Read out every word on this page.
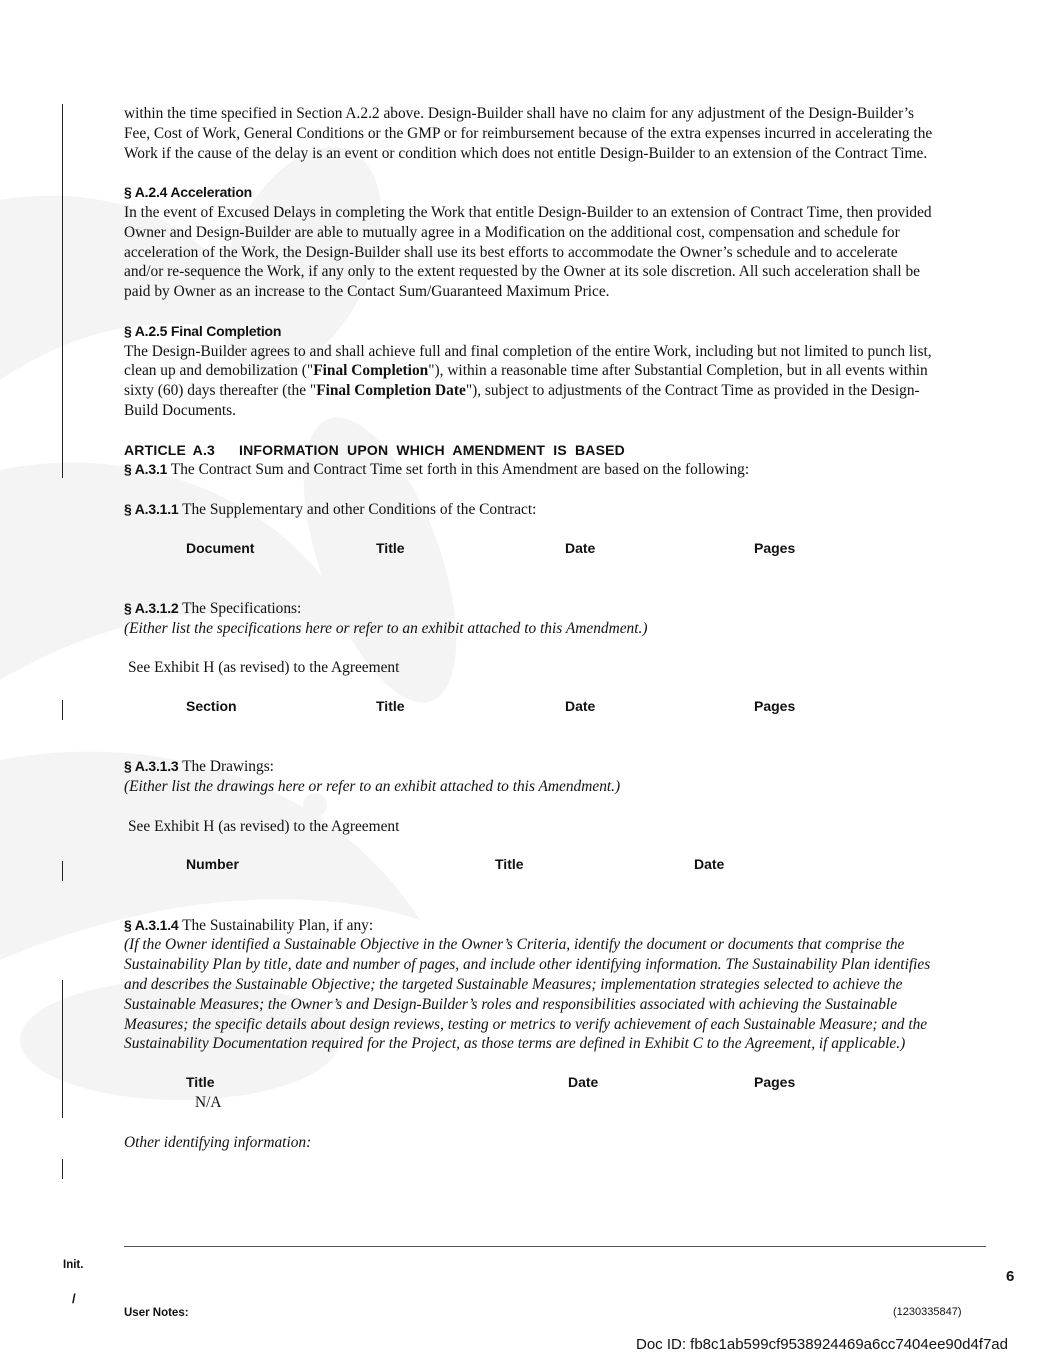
within the time specified in Section A.2.2 above. Design-Builder shall have no claim for any adjustment of the Design-Builder’s Fee, Cost of Work, General Conditions or the GMP or for reimbursement because of the extra expenses incurred in accelerating the Work if the cause of the delay is an event or condition which does not entitle Design-Builder to an extension of the Contract Time.

§ A.2.4 Acceleration

In the event of Excused Delays in completing the Work that entitle Design-Builder to an extension of Contract Time, then provided Owner and Design-Builder are able to mutually agree in a Modification on the additional cost, compensation and schedule for acceleration of the Work, the Design-Builder shall use its best efforts to accommodate the Owner’s schedule and to accelerate and/or re-sequence the Work, if any only to the extent requested by the Owner at its sole discretion. All such acceleration shall be paid by Owner as an increase to the Contact Sum/Guaranteed Maximum Price.

§ A.2.5 Final Completion

The Design-Builder agrees to and shall achieve full and final completion of the entire Work, including but not limited to punch list, clean up and demobilization ("Final Completion"), within a reasonable time after Substantial Completion, but in all events within sixty (60) days thereafter (the "Final Completion Date"), subject to adjustments of the Contract Time as provided in the Design-Build Documents.

ARTICLE A.3 INFORMATION UPON WHICH AMENDMENT IS BASED

§ A.3.1 The Contract Sum and Contract Time set forth in this Amendment are based on the following:

§ A.3.1.1 The Supplementary and other Conditions of the Contract:

Document	Title	Date	Pages

§ A.3.1.2 The Specifications:

(Either list the specifications here or refer to an exhibit attached to this Amendment.)

See Exhibit H (as revised) to the Agreement

Section	Title	Date	Pages

§ A.3.1.3 The Drawings:

(Either list the drawings here or refer to an exhibit attached to this Amendment.)

See Exhibit H (as revised) to the Agreement

Number	Title	Date

§ A.3.1.4 The Sustainability Plan, if any:

(If the Owner identified a Sustainable Objective in the Owner’s Criteria, identify the document or documents that comprise the Sustainability Plan by title, date and number of pages, and include other identifying information. The Sustainability Plan identifies and describes the Sustainable Objective; the targeted Sustainable Measures; implementation strategies selected to achieve the Sustainable Measures; the Owner’s and Design-Builder’s roles and responsibilities associated with achieving the Sustainable Measures; the specific details about design reviews, testing or metrics to verify achievement of each Sustainable Measure; and the Sustainability Documentation required for the Project, as those terms are defined in Exhibit C to the Agreement, if applicable.)

Title	Date	Pages
N/A

Other identifying information:

Init.
/
User Notes:
6
(1230335847)
Doc ID: fb8c1ab599cf9538924469a6cc7404ee90d4f7ad
